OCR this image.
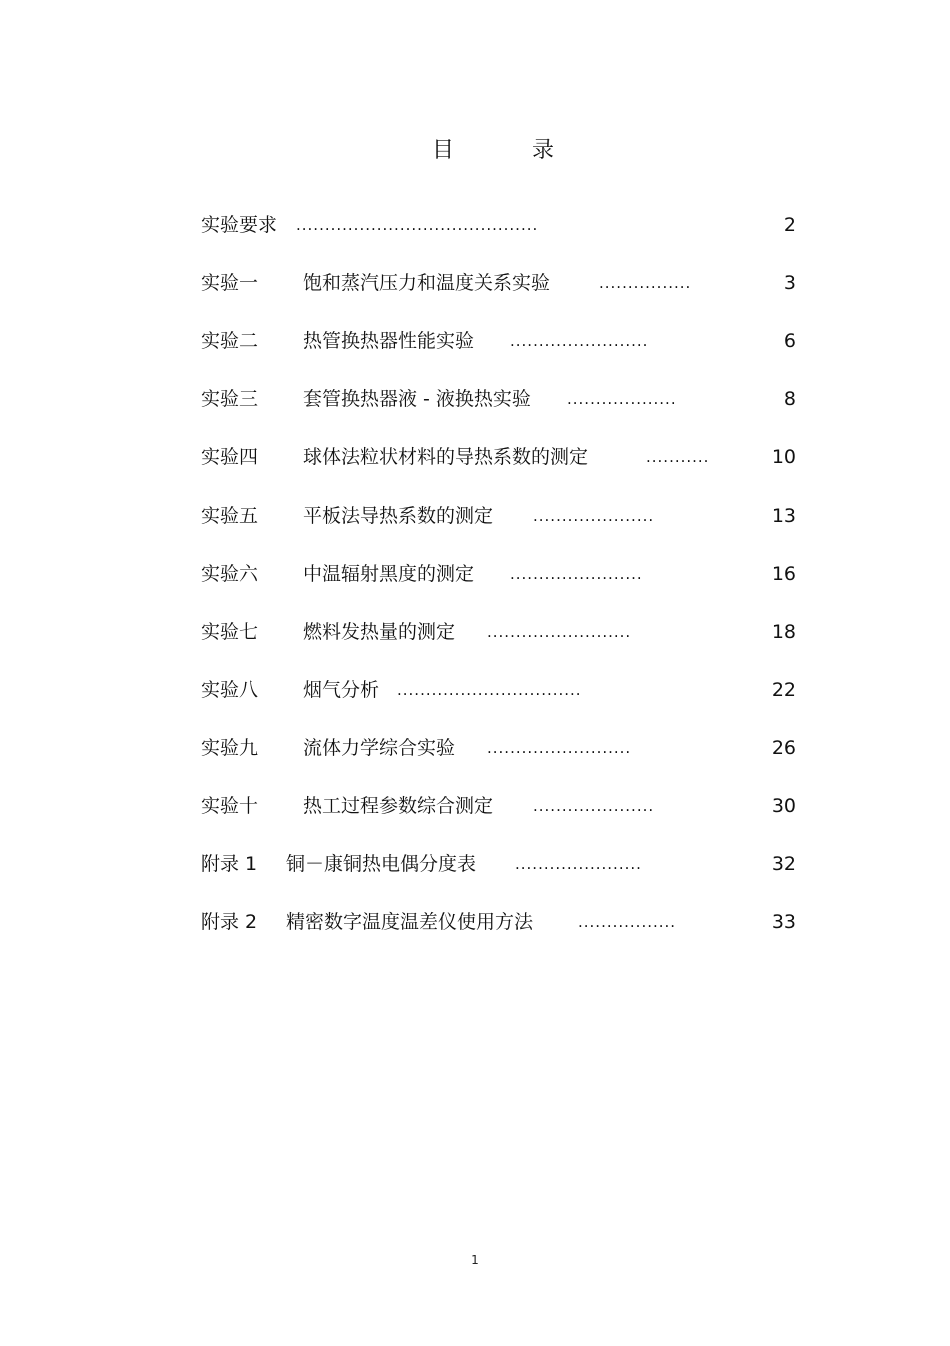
目	录
实验要求 ..........................................	2
实验一 饱和蒸汽压力和温度关系实验	................	3
实验二 热管换热器性能实验 ........................	6
实验三 套管换热器液 - 液换热实验 ...................	8
实验四 球体法粒状材料的导热系数的测定	...........	10
实验五 平板法导热系数的测定	.....................	13
实验六 中温辐射黑度的测定 .......................	16
实验七 燃料发热量的测定 .........................	18
实验八 烟气分析 ................................	22
实验九 流体力学综合实验 .........................	26
实验十 热工过程参数综合测定	.....................	30
附录 1 铜－康铜热电偶分度表	......................	32
附录 2 精密数字温度温差仪使用方法	.................	33
1
